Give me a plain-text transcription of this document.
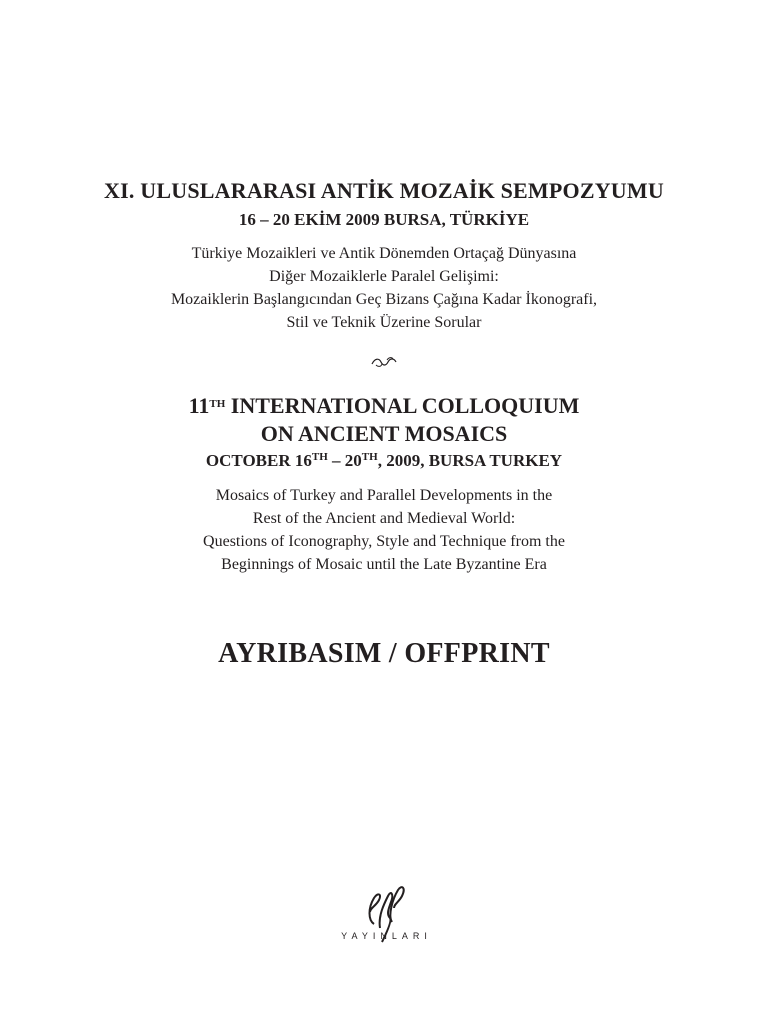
XI. ULUSLARARASI ANTİK MOZAİK SEMPOZYUMU
16 – 20 EKİM 2009 BURSA, TÜRKİYE
Türkiye Mozaikleri ve Antik Dönemden Ortaçağ Dünyasına
Diğer Mozaiklerle Paralel Gelişimi:
Mozaiklerin Başlangıcından Geç Bizans Çağına Kadar İkonografi,
Stil ve Teknik Üzerine Sorular
11TH INTERNATIONAL COLLOQUIUM
ON ANCIENT MOSAICS
OCTOBER 16TH – 20TH, 2009, BURSA TURKEY
Mosaics of Turkey and Parallel Developments in the
Rest of the Ancient and Medieval World:
Questions of Iconography, Style and Technique from the
Beginnings of Mosaic until the Late Byzantine Era
AYRIBASIM / OFFPRINT
YAYINLARI
